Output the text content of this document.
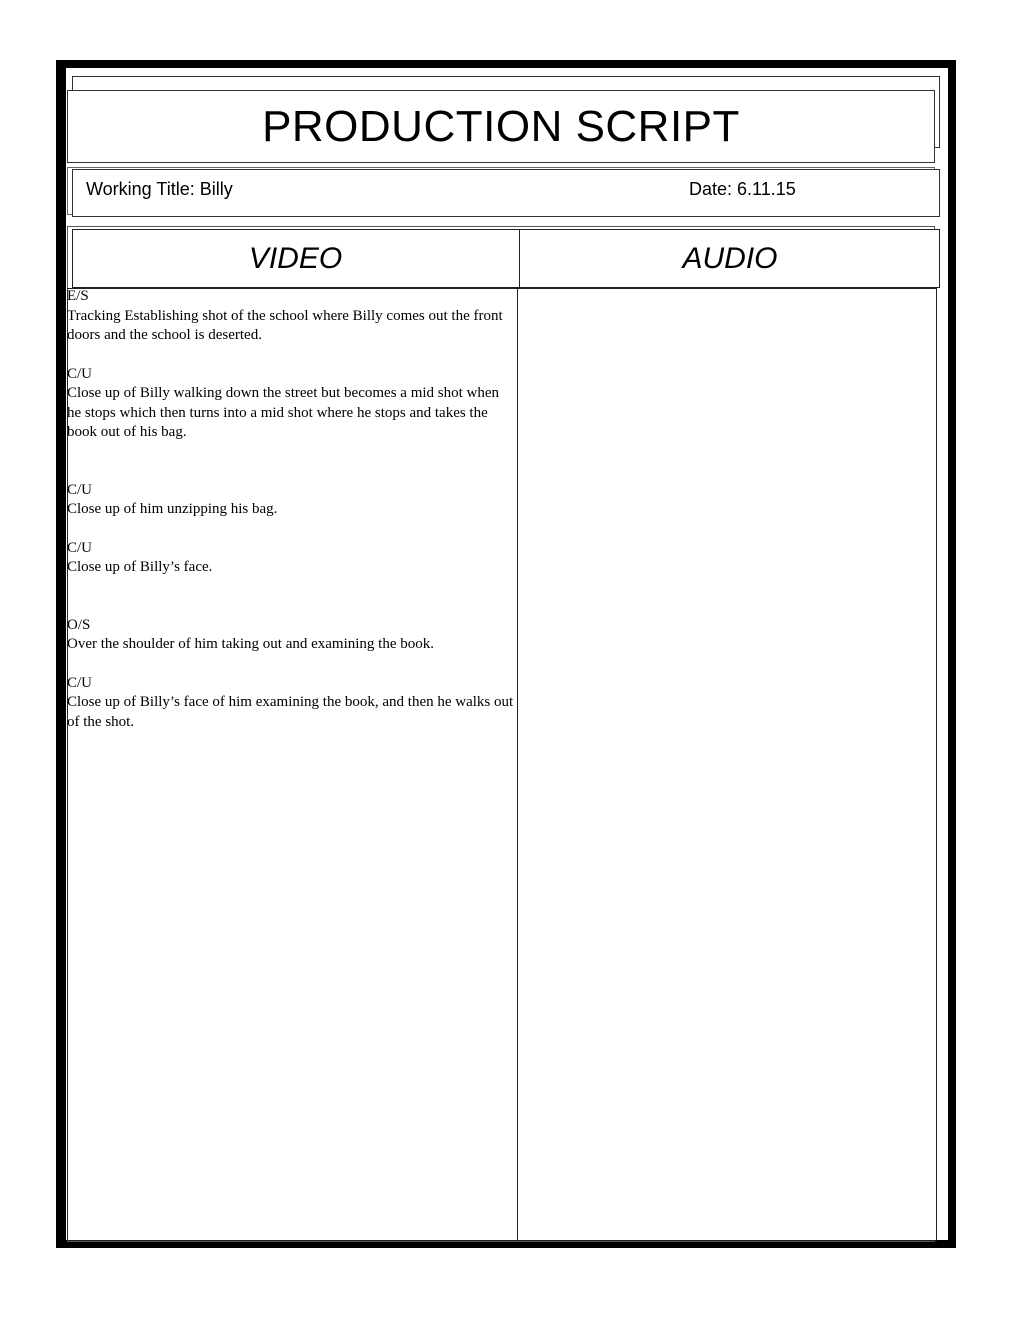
PRODUCTION SCRIPT
Working Title: Billy	Date: 6.11.15
VIDEO	AUDIO
E/S
Tracking Establishing shot of the school where Billy comes out the front doors and the school is deserted.
C/U
Close up of Billy walking down the street but becomes a mid shot when he stops which then turns into a mid shot where he stops and takes the book out of his bag.
C/U
Close up of him unzipping his bag.
C/U
Close up of Billy’s face.
O/S
Over the shoulder of him taking out and examining the book.
C/U
Close up of Billy’s face of him examining the book, and then he walks out of the shot.
